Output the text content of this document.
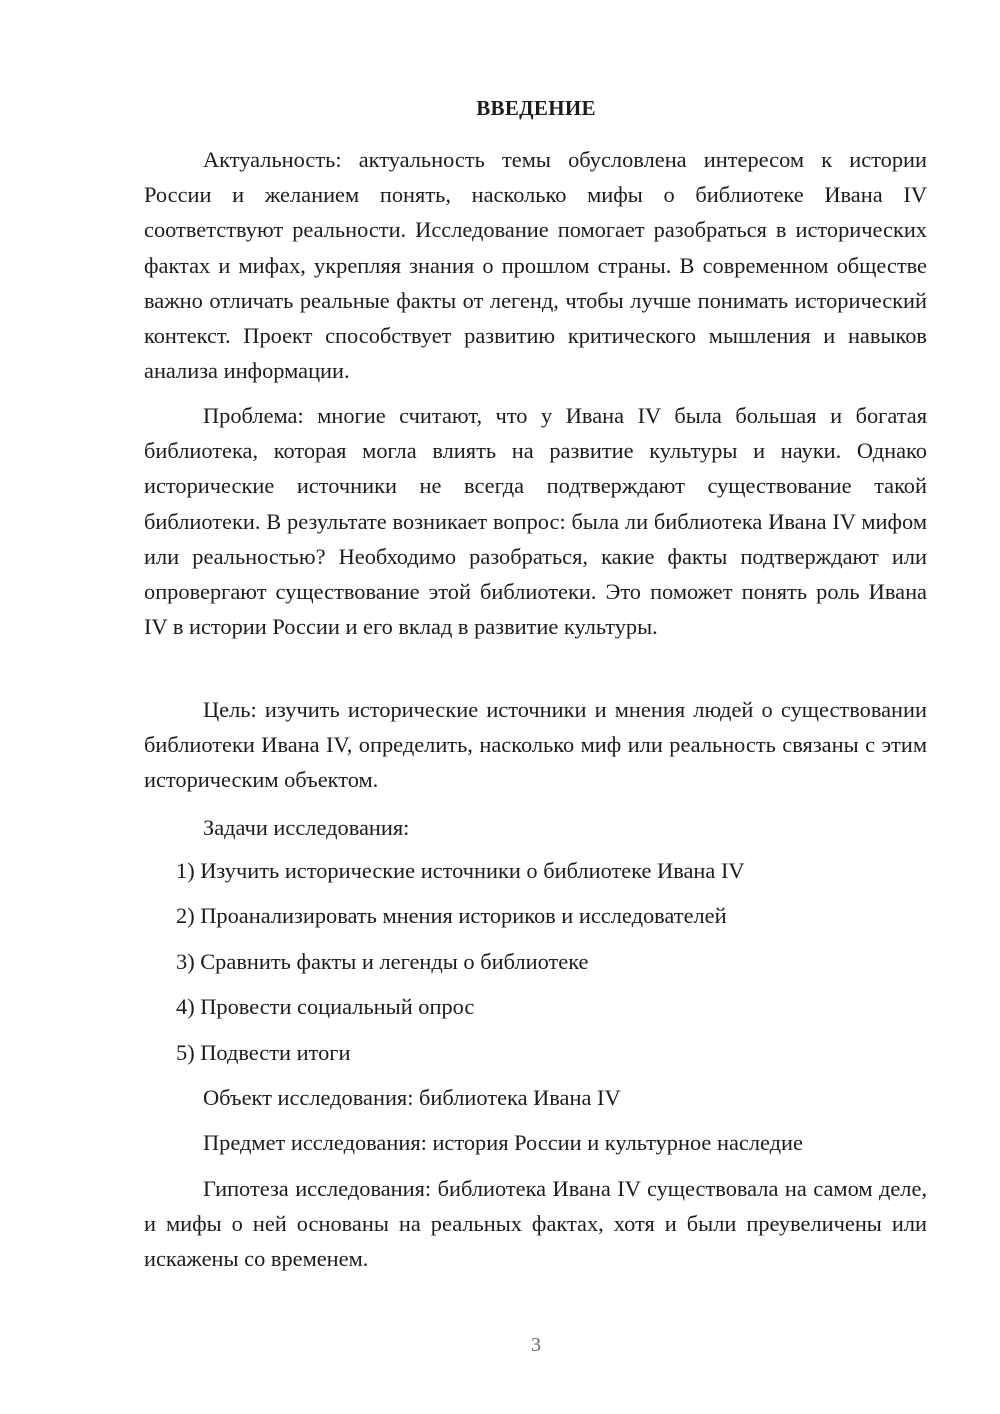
ВВЕДЕНИЕ

Актуальность: актуальность темы обусловлена интересом к истории России и желанием понять, насколько мифы о библиотеке Ивана IV соответствуют реальности. Исследование помогает разобраться в исторических фактах и мифах, укрепляя знания о прошлом страны. В современном обществе важно отличать реальные факты от легенд, чтобы лучше понимать исторический контекст. Проект способствует развитию критического мышления и навыков анализа информации.

Проблема: многие считают, что у Ивана IV была большая и богатая библиотека, которая могла влиять на развитие культуры и науки. Однако исторические источники не всегда подтверждают существование такой библиотеки. В результате возникает вопрос: была ли библиотека Ивана IV мифом или реальностью? Необходимо разобраться, какие факты подтверждают или опровергают существование этой библиотеки. Это поможет понять роль Ивана IV в истории России и его вклад в развитие культуры.

Цель: изучить исторические источники и мнения людей о существовании библиотеки Ивана IV, определить, насколько миф или реальность связаны с этим историческим объектом.

Задачи исследования:

1) Изучить исторические источники о библиотеке Ивана IV

2) Проанализировать мнения историков и исследователей

3) Сравнить факты и легенды о библиотеке

4) Провести социальный опрос

5) Подвести итоги

Объект исследования: библиотека Ивана IV

Предмет исследования: история России и культурное наследие

Гипотеза исследования: библиотека Ивана IV существовала на самом деле, и мифы о ней основаны на реальных фактах, хотя и были преувеличены или искажены со временем.

3
